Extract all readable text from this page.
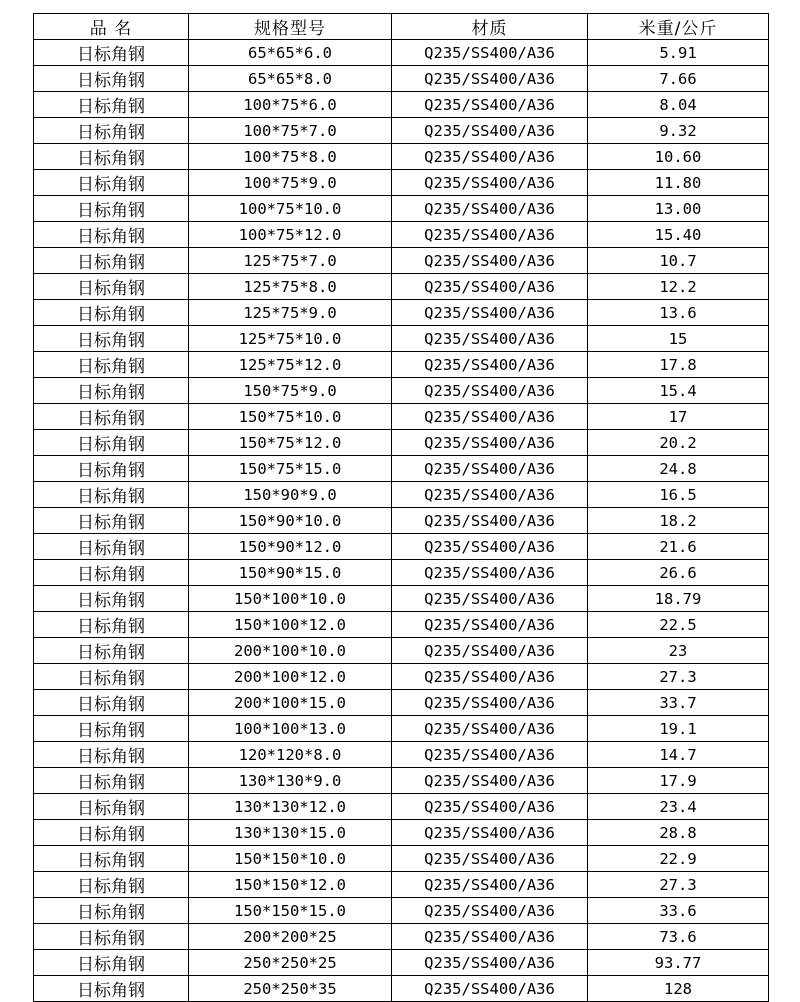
品 名	规格型号	材质	米重/公斤
日标角钢	65*65*6.0	Q235/SS400/A36	5.91
日标角钢	65*65*8.0	Q235/SS400/A36	7.66
日标角钢	100*75*6.0	Q235/SS400/A36	8.04
日标角钢	100*75*7.0	Q235/SS400/A36	9.32
日标角钢	100*75*8.0	Q235/SS400/A36	10.60
日标角钢	100*75*9.0	Q235/SS400/A36	11.80
日标角钢	100*75*10.0	Q235/SS400/A36	13.00
日标角钢	100*75*12.0	Q235/SS400/A36	15.40
日标角钢	125*75*7.0	Q235/SS400/A36	10.7
日标角钢	125*75*8.0	Q235/SS400/A36	12.2
日标角钢	125*75*9.0	Q235/SS400/A36	13.6
日标角钢	125*75*10.0	Q235/SS400/A36	15
日标角钢	125*75*12.0	Q235/SS400/A36	17.8
日标角钢	150*75*9.0	Q235/SS400/A36	15.4
日标角钢	150*75*10.0	Q235/SS400/A36	17
日标角钢	150*75*12.0	Q235/SS400/A36	20.2
日标角钢	150*75*15.0	Q235/SS400/A36	24.8
日标角钢	150*90*9.0	Q235/SS400/A36	16.5
日标角钢	150*90*10.0	Q235/SS400/A36	18.2
日标角钢	150*90*12.0	Q235/SS400/A36	21.6
日标角钢	150*90*15.0	Q235/SS400/A36	26.6
日标角钢	150*100*10.0	Q235/SS400/A36	18.79
日标角钢	150*100*12.0	Q235/SS400/A36	22.5
日标角钢	200*100*10.0	Q235/SS400/A36	23
日标角钢	200*100*12.0	Q235/SS400/A36	27.3
日标角钢	200*100*15.0	Q235/SS400/A36	33.7
日标角钢	100*100*13.0	Q235/SS400/A36	19.1
日标角钢	120*120*8.0	Q235/SS400/A36	14.7
日标角钢	130*130*9.0	Q235/SS400/A36	17.9
日标角钢	130*130*12.0	Q235/SS400/A36	23.4
日标角钢	130*130*15.0	Q235/SS400/A36	28.8
日标角钢	150*150*10.0	Q235/SS400/A36	22.9
日标角钢	150*150*12.0	Q235/SS400/A36	27.3
日标角钢	150*150*15.0	Q235/SS400/A36	33.6
日标角钢	200*200*25	Q235/SS400/A36	73.6
日标角钢	250*250*25	Q235/SS400/A36	93.77
日标角钢	250*250*35	Q235/SS400/A36	128
